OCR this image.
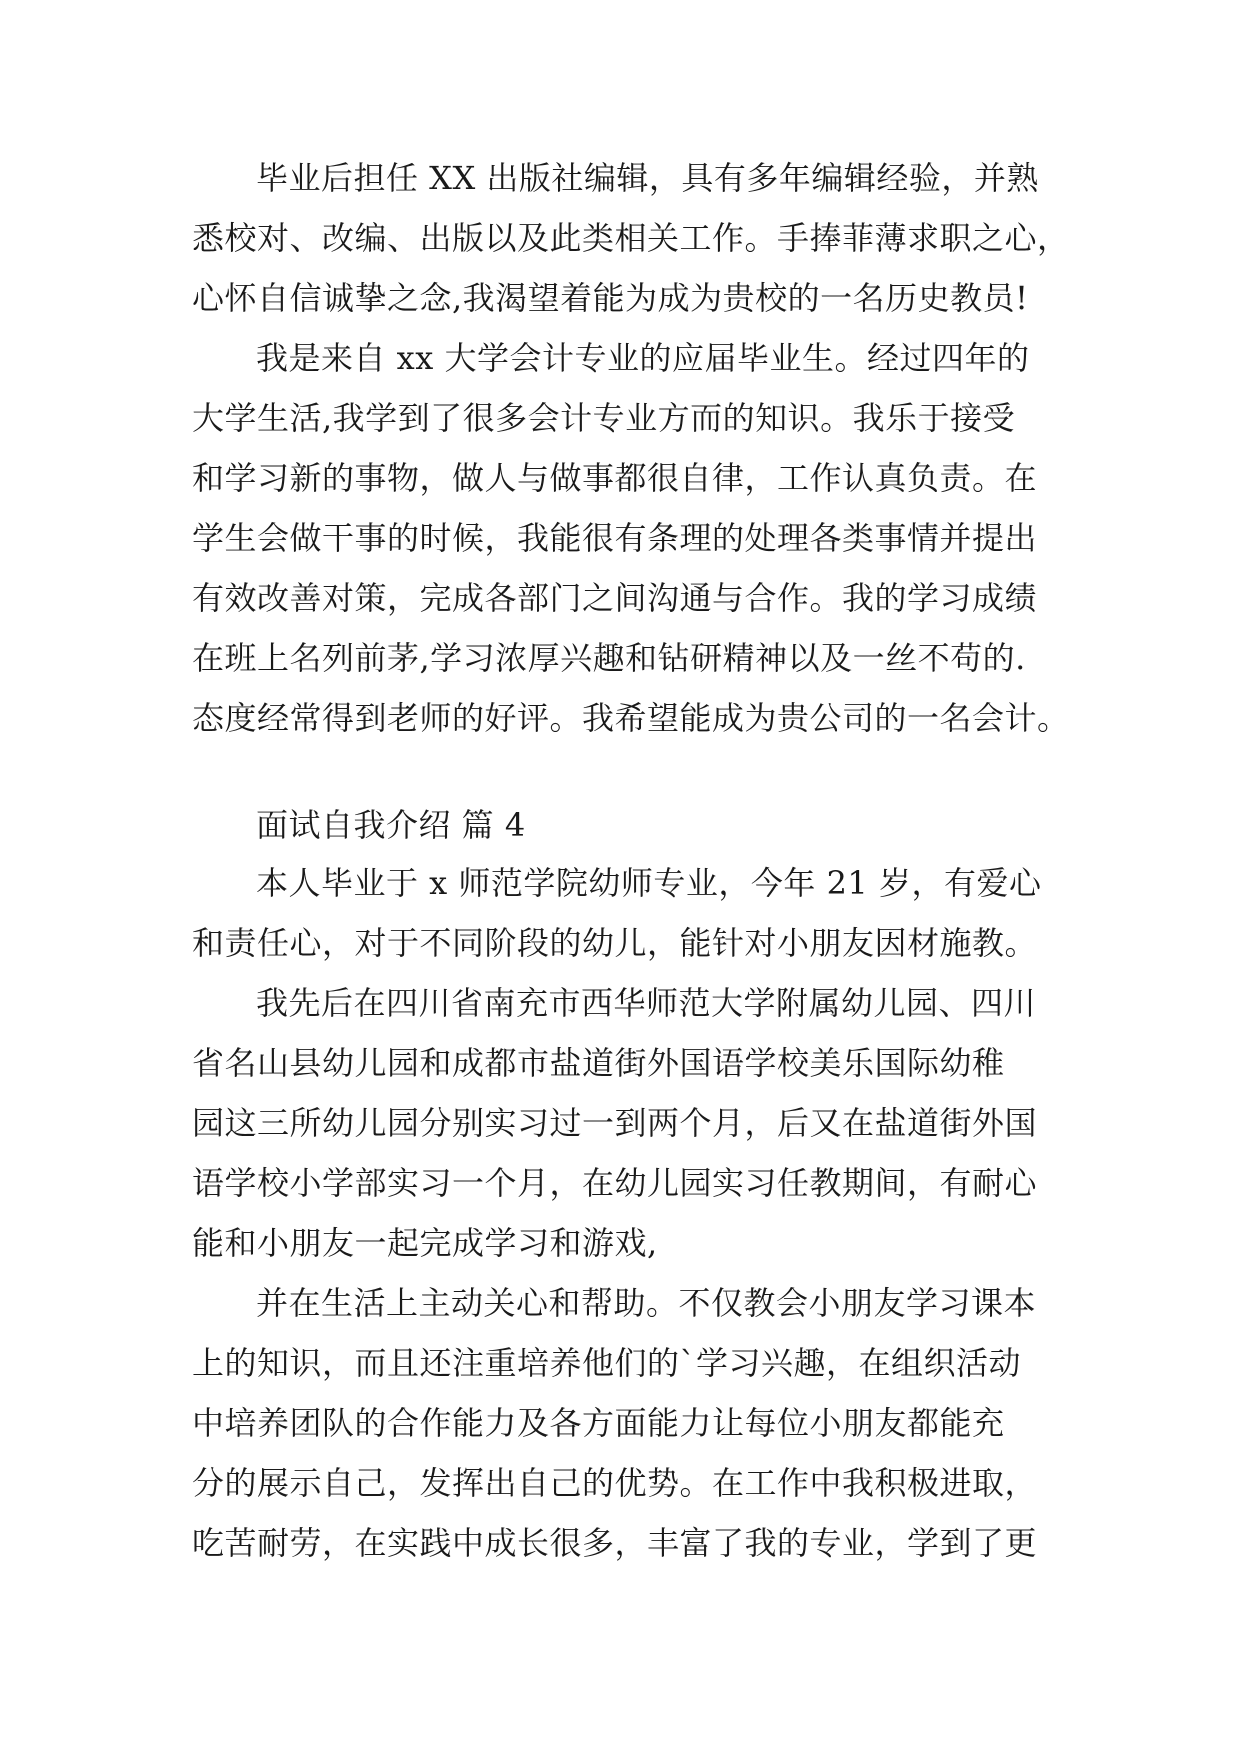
毕业后担任 XX 出版社编辑，具有多年编辑经验，并熟
悉校对、改编、出版以及此类相关工作。手捧菲薄求职之心，
心怀自信诚挚之念,我渴望着能为成为贵校的一名历史教员!
我是来自 xx 大学会计专业的应届毕业生。经过四年的
大学生活,我学到了很多会计专业方而的知识。我乐于接受
和学习新的事物，做人与做事都很自律，工作认真负责。在
学生会做干事的时候，我能很有条理的处理各类事情并提出
有效改善对策，完成各部门之间沟通与合作。我的学习成绩
在班上名列前茅,学习浓厚兴趣和钻研精神以及一丝不苟的.
态度经常得到老师的好评。我希望能成为贵公司的一名会计。
面试自我介绍 篇 4
本人毕业于 x 师范学院幼师专业，今年 21 岁，有爱心
和责任心，对于不同阶段的幼儿，能针对小朋友因材施教。
我先后在四川省南充市西华师范大学附属幼儿园、四川
省名山县幼儿园和成都市盐道街外国语学校美乐国际幼稚
园这三所幼儿园分别实习过一到两个月，后又在盐道街外国
语学校小学部实习一个月，在幼儿园实习任教期间，有耐心
能和小朋友一起完成学习和游戏,
并在生活上主动关心和帮助。不仅教会小朋友学习课本
上的知识，而且还注重培养他们的`学习兴趣，在组织活动
中培养团队的合作能力及各方面能力让每位小朋友都能充
分的展示自己，发挥出自己的优势。在工作中我积极进取，
吃苦耐劳，在实践中成长很多，丰富了我的专业，学到了更
